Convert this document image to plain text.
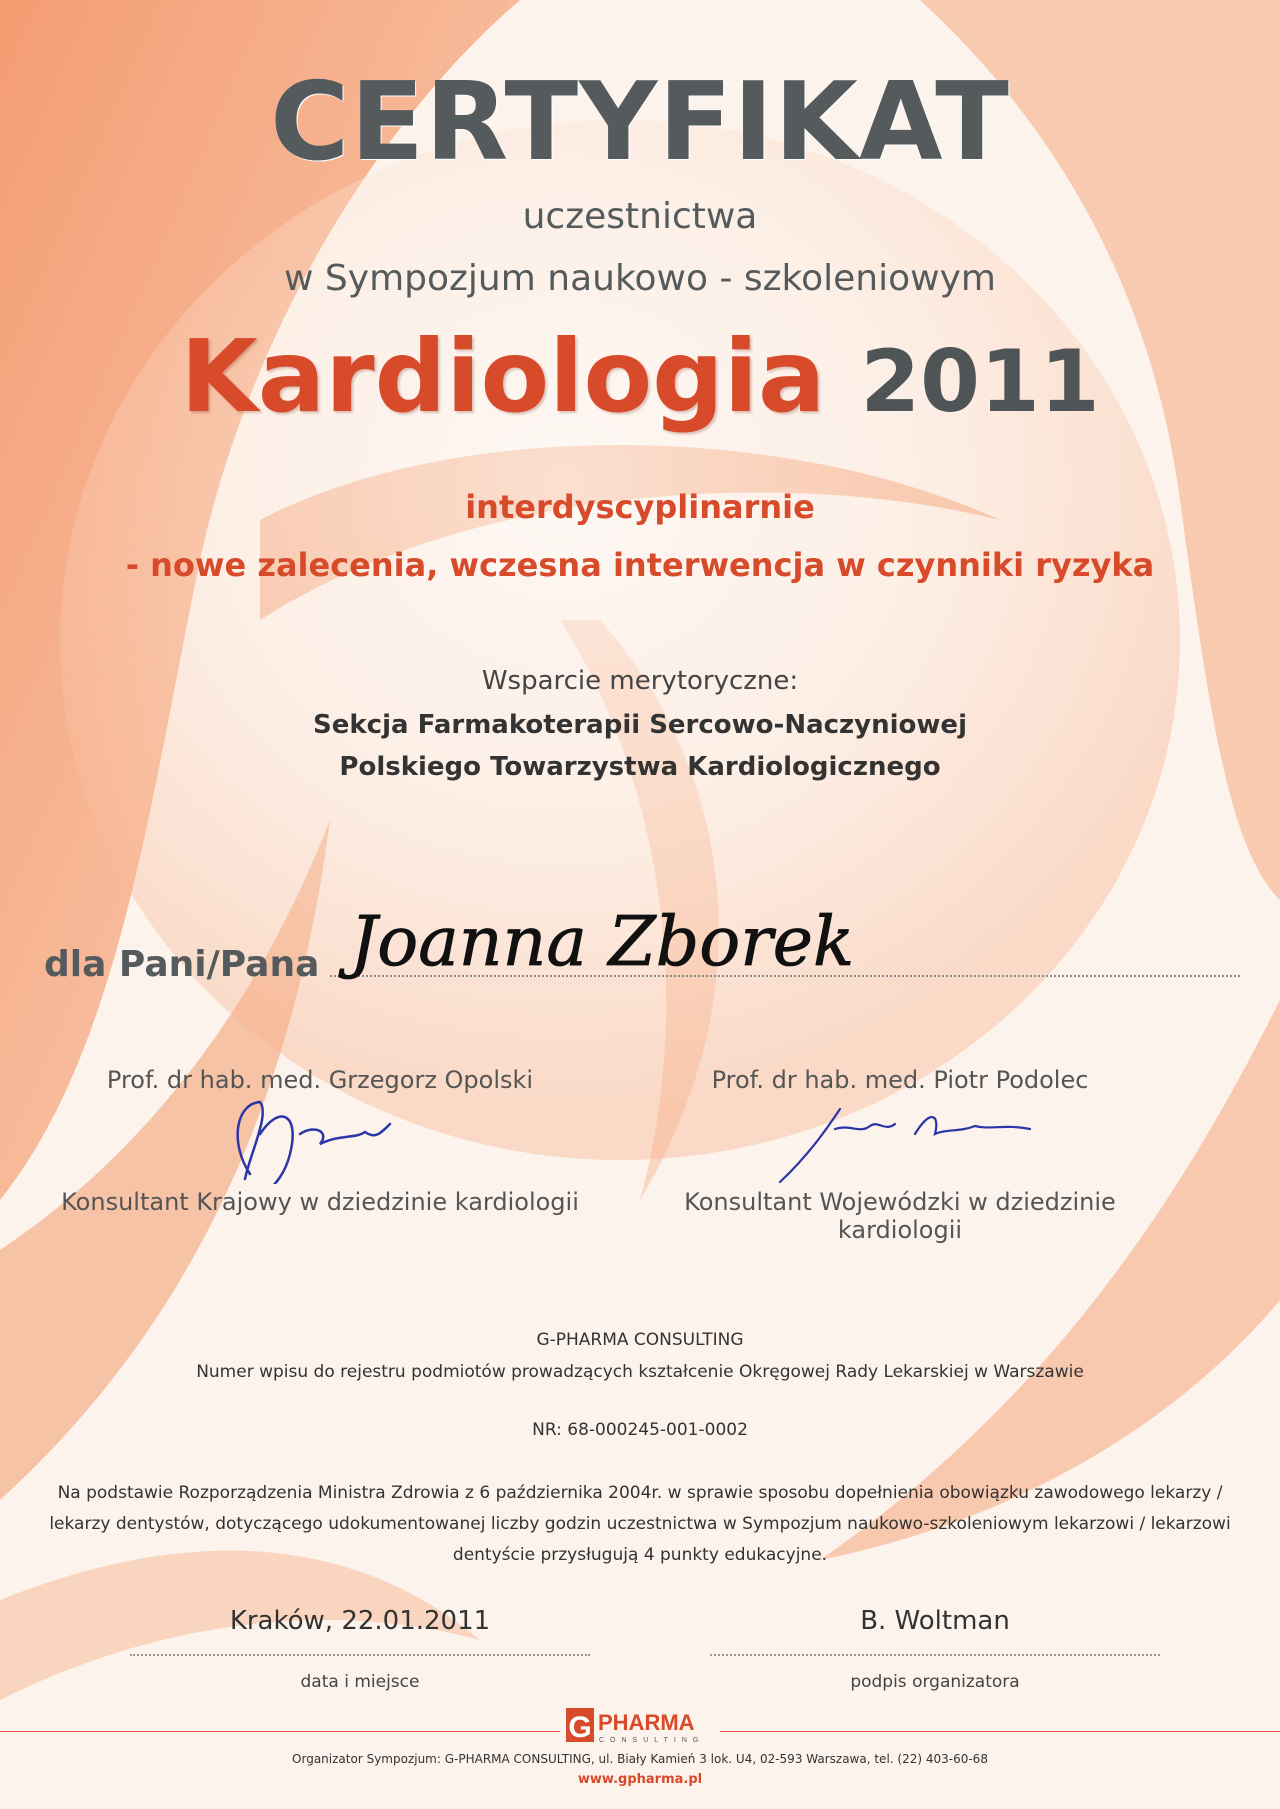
CERTYFIKAT
uczestnictwa
w Sympozjum naukowo - szkoleniowym
Kardiologia 2011
interdyscyplinarnie
- nowe zalecenia, wczesna interwencja w czynniki ryzyka
Wsparcie merytoryczne:
Sekcja Farmakoterapii Sercowo-Naczyniowej
Polskiego Towarzystwa Kardiologicznego
dla Pani/Pana Joanna Zborek
Prof. dr hab. med. Grzegorz Opolski
Konsultant Krajowy w dziedzinie kardiologii
Prof. dr hab. med. Piotr Podolec
Konsultant Wojewódzki w dziedzinie kardiologii
G-PHARMA CONSULTING
Numer wpisu do rejestru podmiotów prowadzących kształcenie Okręgowej Rady Lekarskiej w Warszawie
NR: 68-000245-001-0002
Na podstawie Rozporządzenia Ministra Zdrowia z 6 października 2004r. w sprawie sposobu dopełnienia obowiązku zawodowego lekarzy /
lekarzy dentystów, dotyczącego udokumentowanej liczby godzin uczestnictwa w Sympozjum naukowo-szkoleniowym lekarzowi / lekarzowi
dentyście przysługują 4 punkty edukacyjne.
Kraków, 22.01.2011	B. Woltman
data i miejsce	podpis organizatora
G PHARMA
CONSULTING
Organizator Sympozjum: G-PHARMA CONSULTING, ul. Biały Kamień 3 lok. U4, 02-593 Warszawa, tel. (22) 403-60-68
www.gpharma.pl
